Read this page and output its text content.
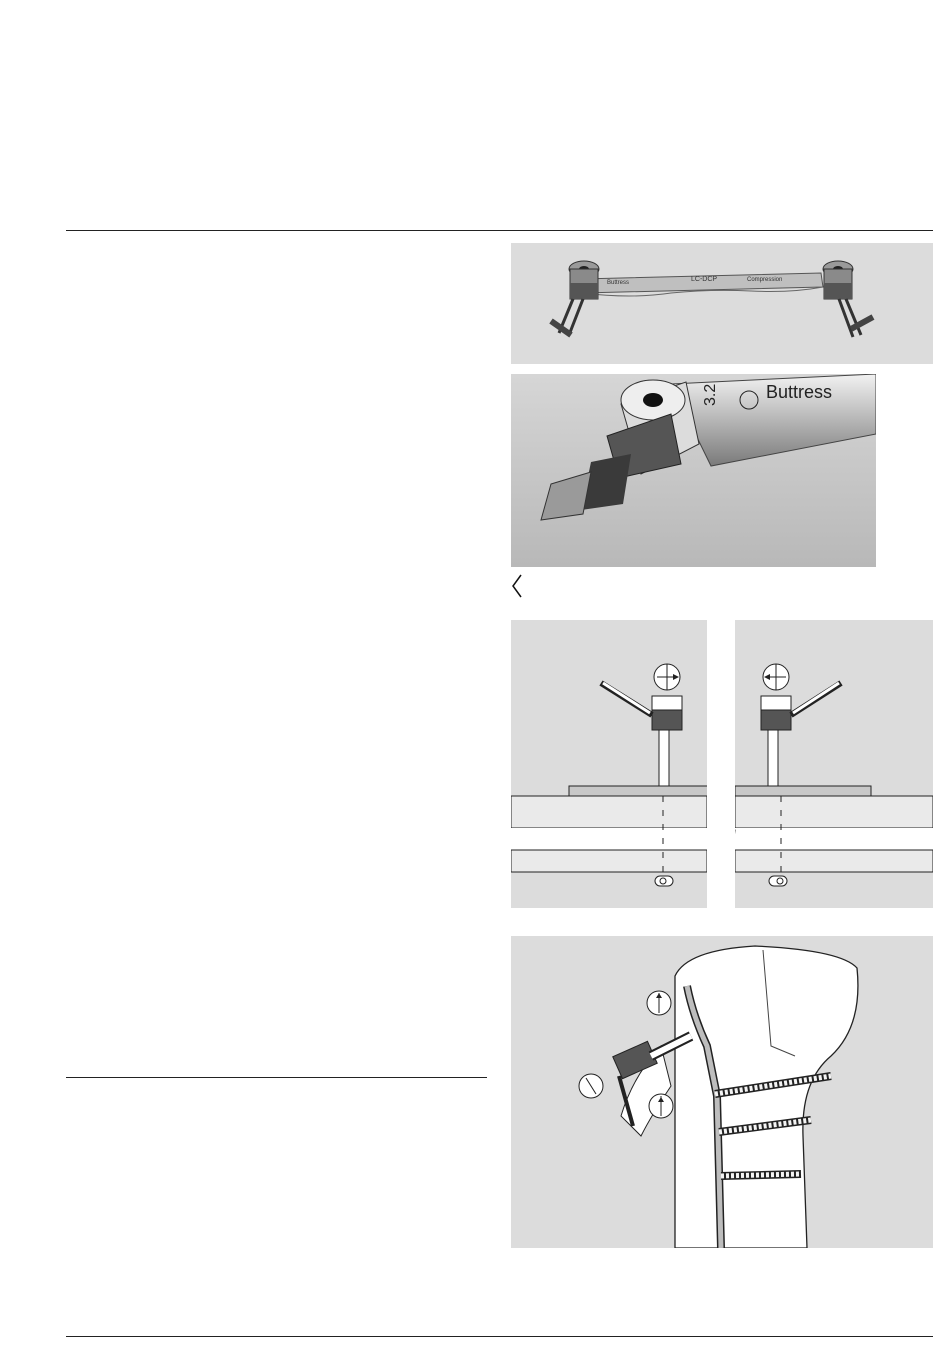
Buttress	LC-DCP	Compression
3.2	Buttress
